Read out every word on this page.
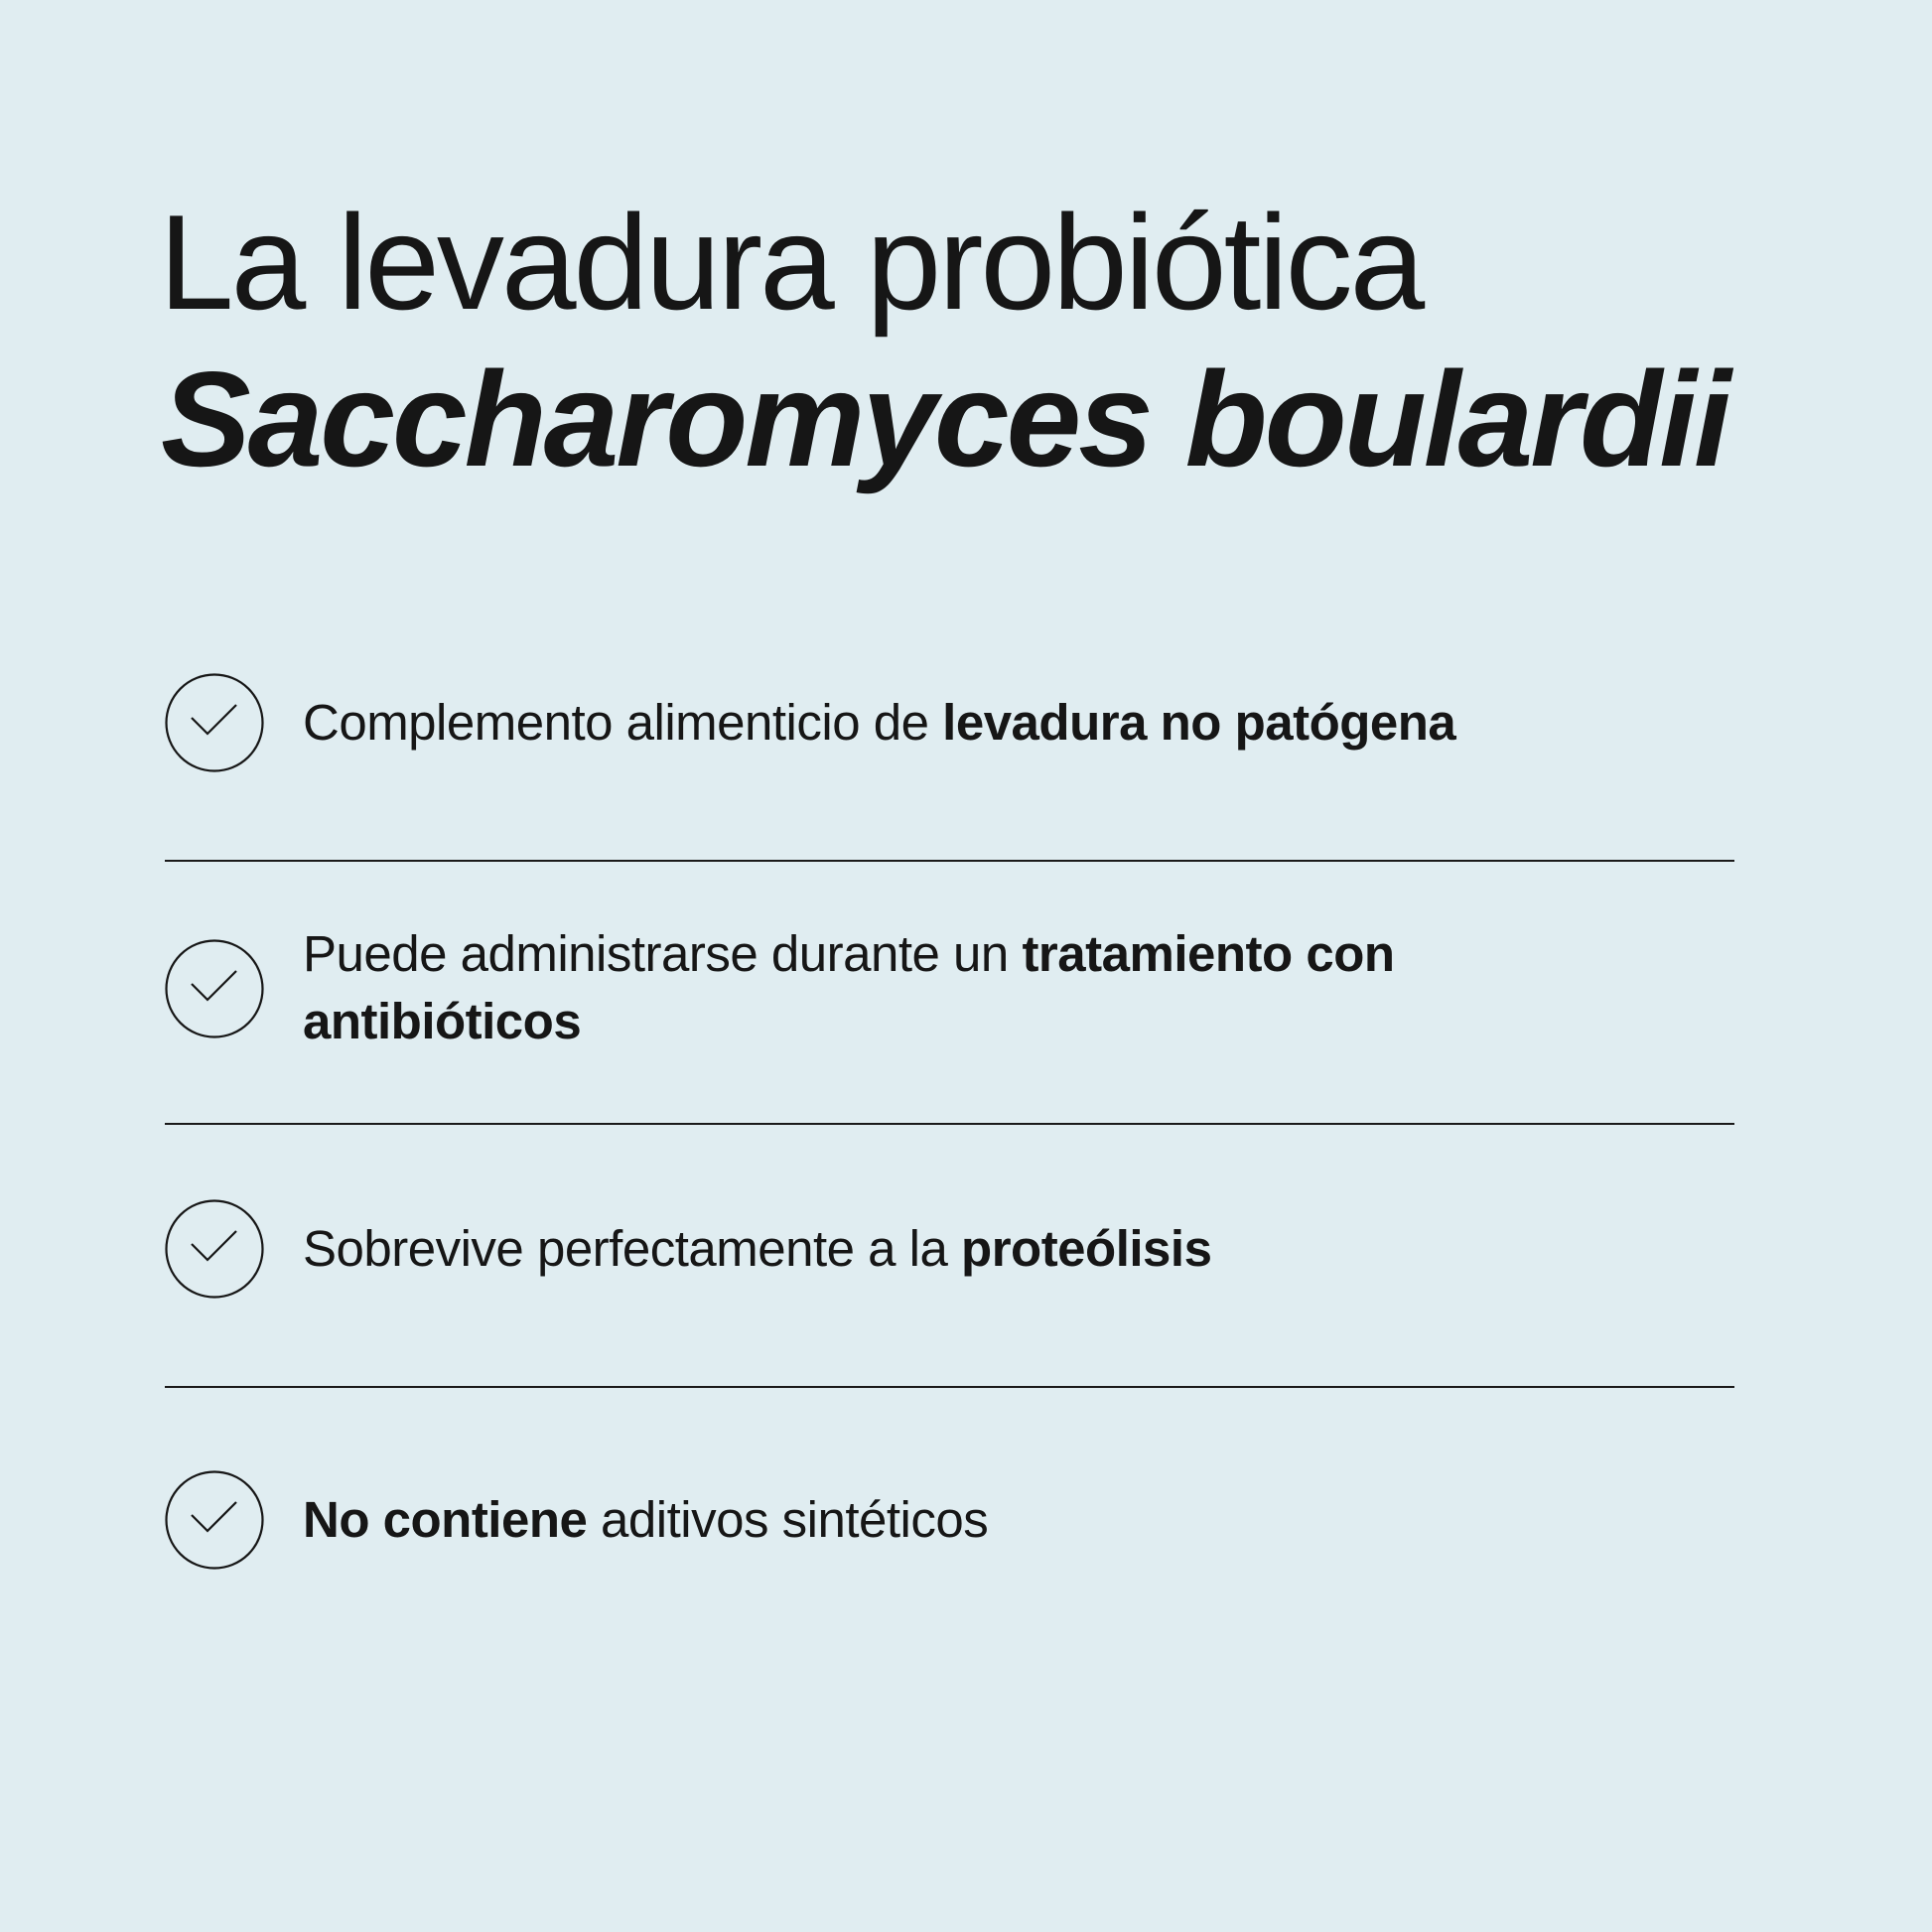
La levadura probiótica
Saccharomyces boulardii
Complemento alimenticio de levadura no patógena
Puede administrarse durante un tratamiento con antibióticos
Sobrevive perfectamente a la proteólisis
No contiene aditivos sintéticos
